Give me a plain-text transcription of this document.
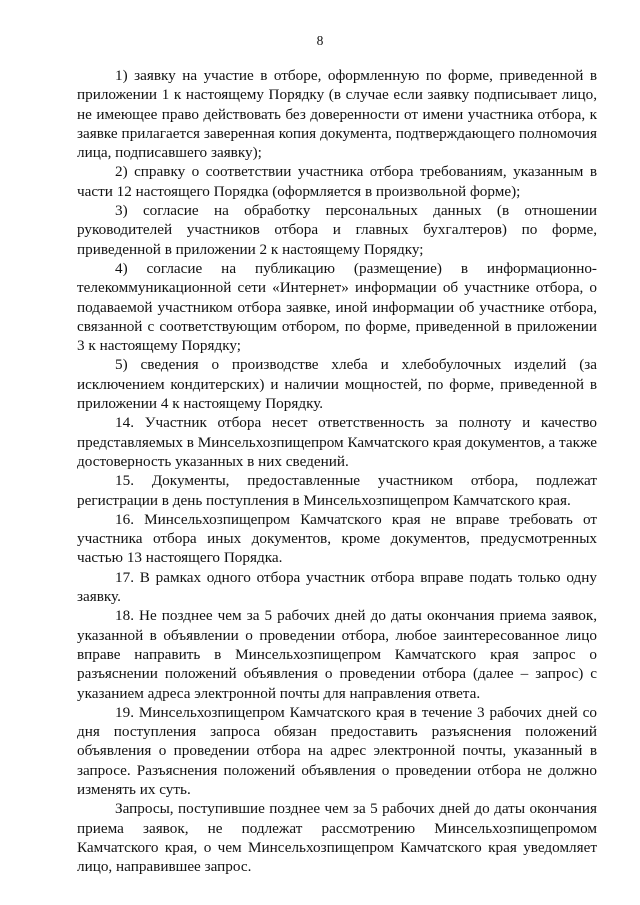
8

1) заявку на участие в отборе, оформленную по форме, приведенной в приложении 1 к настоящему Порядку (в случае если заявку подписывает лицо, не имеющее право действовать без доверенности от имени участника отбора, к заявке прилагается заверенная копия документа, подтверждающего полномочия лица, подписавшего заявку);

2) справку о соответствии участника отбора требованиям, указанным в части 12 настоящего Порядка (оформляется в произвольной форме);

3) согласие на обработку персональных данных (в отношении руководителей участников отбора и главных бухгалтеров) по форме, приведенной в приложении 2 к настоящему Порядку;

4) согласие на публикацию (размещение) в информационно-телекоммуникационной сети «Интернет» информации об участнике отбора, о подаваемой участником отбора заявке, иной информации об участнике отбора, связанной с соответствующим отбором, по форме, приведенной в приложении 3 к настоящему Порядку;

5) сведения о производстве хлеба и хлебобулочных изделий (за исключением кондитерских) и наличии мощностей, по форме, приведенной в приложении 4 к настоящему Порядку.

14. Участник отбора несет ответственность за полноту и качество представляемых в Минсельхозпищепром Камчатского края документов, а также достоверность указанных в них сведений.

15. Документы, предоставленные участником отбора, подлежат регистрации в день поступления в Минсельхозпищепром Камчатского края.

16. Минсельхозпищепром Камчатского края не вправе требовать от участника отбора иных документов, кроме документов, предусмотренных частью 13 настоящего Порядка.

17. В рамках одного отбора участник отбора вправе подать только одну заявку.

18. Не позднее чем за 5 рабочих дней до даты окончания приема заявок, указанной в объявлении о проведении отбора, любое заинтересованное лицо вправе направить в Минсельхозпищепром Камчатского края запрос о разъяснении положений объявления о проведении отбора (далее – запрос) с указанием адреса электронной почты для направления ответа.

19. Минсельхозпищепром Камчатского края в течение 3 рабочих дней со дня поступления запроса обязан предоставить разъяснения положений объявления о проведении отбора на адрес электронной почты, указанный в запросе. Разъяснения положений объявления о проведении отбора не должно изменять их суть.

Запросы, поступившие позднее чем за 5 рабочих дней до даты окончания приема заявок, не подлежат рассмотрению Минсельхозпищепромом Камчатского края, о чем Минсельхозпищепром Камчатского края уведомляет лицо, направившее запрос.
